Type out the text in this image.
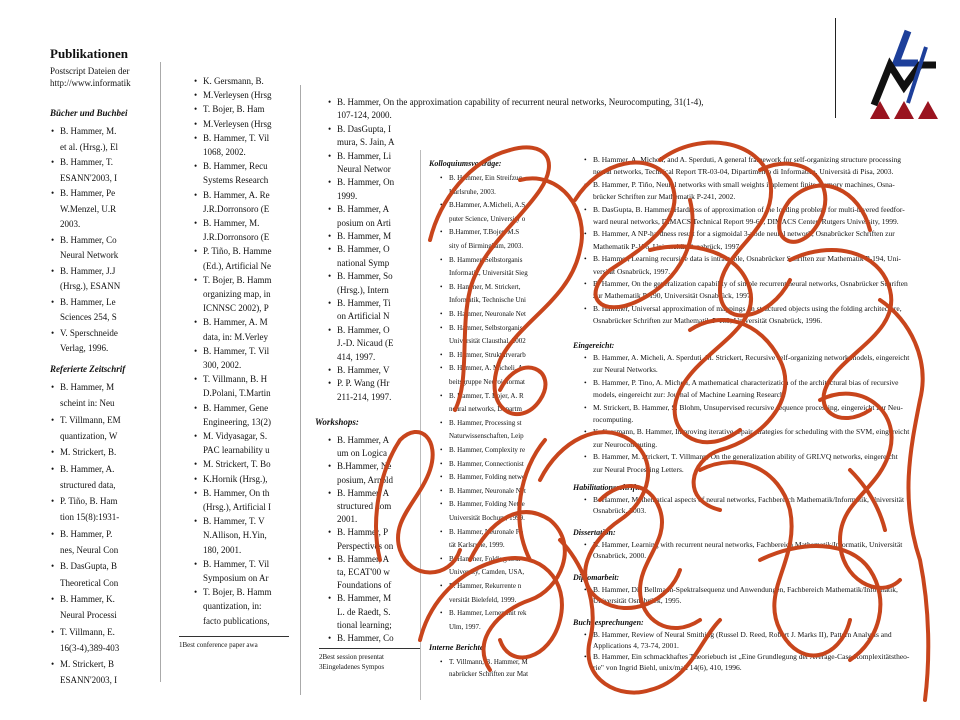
Publikationen
Postscript Dateien der
http://www.informatik
Bücher und Buchbei
• B. Hammer, M.
et al. (Hrsg.), El
• B. Hammer, T.
ESANN'2003, I
• B. Hammer, Pe
W.Menzel, U.R
2003.
• B. Hammer, Co
Neural Network
• B. Hammer, J.J
(Hrsg.), ESANN
• B. Hammer, Le
Sciences 254, S
• V. Sperschneide
Verlag, 1996.
Referierte Zeitschrif
• B. Hammer, M
scheint in: Neu
• T. Villmann, EM
quantization, W
• M. Strickert, B.
• B. Hammer, A.
structured data,
• P. Tiño, B. Ham
tion 15(8):1931-
• B. Hammer, P.
nes, Neural Con
• B. DasGupta, B
Theoretical Con
• B. Hammer, K.
Neural Processi
• T. Villmann, E.
16(3-4),389-403
• M. Strickert, B
ESANN'2003, I
• K. Gersmann, B.
• M.Verleysen (Hrsg
• T. Bojer, B. Ham
• M.Verleysen (Hrsg
• B. Hammer, T. Vil
1068, 2002.
• B. Hammer, Recu
Systems Research
• B. Hammer, A. Re
J.R.Dorronsoro (E
• B. Hammer, M.
J.R.Dorronsoro (E
• P. Tiño, B. Hamme
(Ed.), Artificial Ne
• T. Bojer, B. Hamm
organizing map, in
ICNNSC 2002), P
• B. Hammer, A. M
data, in: M.Verley
• B. Hammer, T. Vil
300, 2002.
• T. Villmann, B. H
D.Polani, T.Martin
• B. Hammer, Gene
Engineering, 13(2)
• M. Vidyasagar, S.
PAC learnability u
• M. Strickert, T. Bo
• K.Hornik (Hrsg.),
• B. Hammer, On th
(Hrsg.), Artificial I
• B. Hammer, T. V
N.Allison, H.Yin,
180, 2001.
• B. Hammer, T. Vil
Symposium on Ar
• T. Bojer, B. Hamm
quantization, in:
facto publications,
1Best conference paper awa
• B. Hammer, On the approximation capability of recurrent neural networks, Neurocomputing, 31(1-4),
107-124, 2000.
• B. DasGupta, I
mura, S. Jain, A
• B. Hammer, Li
Neural Networ
• B. Hammer, On
1999.
• B. Hammer, A
posium on Arti
• B. Hammer, M
• B. Hammer, O
national Symp
• B. Hammer, So
(Hrsg.), Intern
• B. Hammer, Ti
on Artificial N
• B. Hammer, O
J.-D. Nicaud (E
414, 1997.
• B. Hammer, V
• P. P. Wang (Hr
211-214, 1997.
Workshops:
• B. Hammer, A
um on Logica
• B.Hammer, Ne
posium, Arnold
• B. Hammer, A
structured dom
2001.
• B. Hammer, P
Perspectives on
• B. Hammer, A
ta, ECAT'00 w
Foundations of
• B. Hammer, M
L. de Raedt, S.
tional learning;
• B. Hammer, Co
2Best session presentat
3Eingeladenes Sympos
Kolloquiumsvorträge:
• B. Hammer, Ein Streifzug
Karlsruhe, 2003.
• B.Hammer, A.Micheli, A.S
puter Science, University o
• B.Hammer, T.Bojer, M.S
sity of Birmingham, 2003.
• B. Hammer, Selbstorganis
Informatik, Universität Sieg
• B. Hammer, M. Strickert,
Informatik, Technische Uni
• B. Hammer, Neuronale Net
• B. Hammer, Selbstorganisa
Universität Clausthal, 2002
• B. Hammer, Strukturverarb
• B. Hammer, A. Micheli, A
beitsgruppe Neuroinformat
• B. Hammer, T. Bojer, A. R
neural networks, Departm
• B. Hammer, Processing st
Naturwissenschaften, Leip
• B. Hammer, Complexity re
• B. Hammer, Connectionist
• B. Hammer, Folding netwo
• B. Hammer, Neuronale Net
• B. Hammer, Folding Netze
Universität Bochum, 1999.
• B. Hammer, Neuronale Fo
tät Karlsruhe, 1999.
• B. Hammer, Folding neur
University, Camden, USA,
• B. Hammer, Rekurrente n
versität Bielefeld, 1999.
• B. Hammer, Lernen mit rek
Ulm, 1997.
Interne Berichte:
• T. Villmann, B. Hammer, M
nabrücker Schriften zur Mat
• B. Hammer, A. Micheli, and A. Sperduti, A general framework for self-organizing structure processing
neural networks, Technical Report TR-03-04, Dipartimento di Informatica, Università di Pisa, 2003.
• B. Hammer, P. Tiño, Neural networks with small weights implement finite memory machines, Osna-
brücker Schriften zur Mathematik P-241, 2002.
• B. DasGupta, B. Hammer, Hardness of approximation of the loading problem for multi-layered feedfor-
ward neural networks, DIMACS Technical Report 99-60, DIMACS Center, Rutgers University, 1999.
• B. Hammer, A NP-hardness result for a sigmoidal 3-node neural network, Osnabrücker Schriften zur
Mathematik P-196, Universität Osnabrück, 1997.
• B. Hammer, Learning recursive data is intractable, Osnabrücker Schriften zur Mathematik P-194, Uni-
versität Osnabrück, 1997.
• B. Hammer, On the generalization capability of simple recurrent neural networks, Osnabrücker Schriften
zur Mathematik P-190, Universität Osnabrück, 1997.
• B. Hammer, Universal approximation of mappings on structured objects using the folding architecture,
Osnabrücker Schriften zur Mathematik P-183, Universität Osnabrück, 1996.
Eingereicht:
• B. Hammer, A. Micheli, A. Sperduti, M. Strickert, Recursive self-organizing network models, eingereicht
zur Neural Networks.
• B. Hammer, P. Tino, A. Micheli, A mathematical characterization of the architectural bias of recursive
models, eingereicht zur: Journal of Machine Learning Research.
• M. Strickert, B. Hammer, S. Blohm, Unsupervised recursive sequence processing, eingereicht zur Neu-
rocomputing.
• K. Gersmann, B. Hammer, Improving iterative repair strategies for scheduling with the SVM, eingereicht
zur Neurocomputing.
• B. Hammer, M. Strickert, T. Villmann, On the generalization ability of GRLVQ networks, eingereicht
zur Neural Processing Letters.
Habilitationsschrift:
• B. Hammer, Mathematical aspects of neural networks, Fachbereich Mathematik/Informatik, Universität
Osnabrück, 2003.
Dissertation:
• B. Hammer, Learning with recurrent neural networks, Fachbereich Mathematik/Informatik, Universität
Osnabrück, 2000.
Diplomarbeit:
• B. Hammer, Die Bellmann-Spektralsequenz und Anwendungen, Fachbereich Mathematik/Informatik,
Universität Osnabrück, 1995.
Buchbesprechungen:
• B. Hammer, Review of Neural Smithing (Russel D. Reed, Robert J. Marks II), Pattern Analysis and
Applications 4, 73-74, 2001.
• B. Hammer, Ein schmackhaftes Theoriebuch ist „Eine Grundlegung der Average-Case Komplexitätstheo-
rie" von Ingrid Biehl, unix/mail 14(6), 410, 1996.
